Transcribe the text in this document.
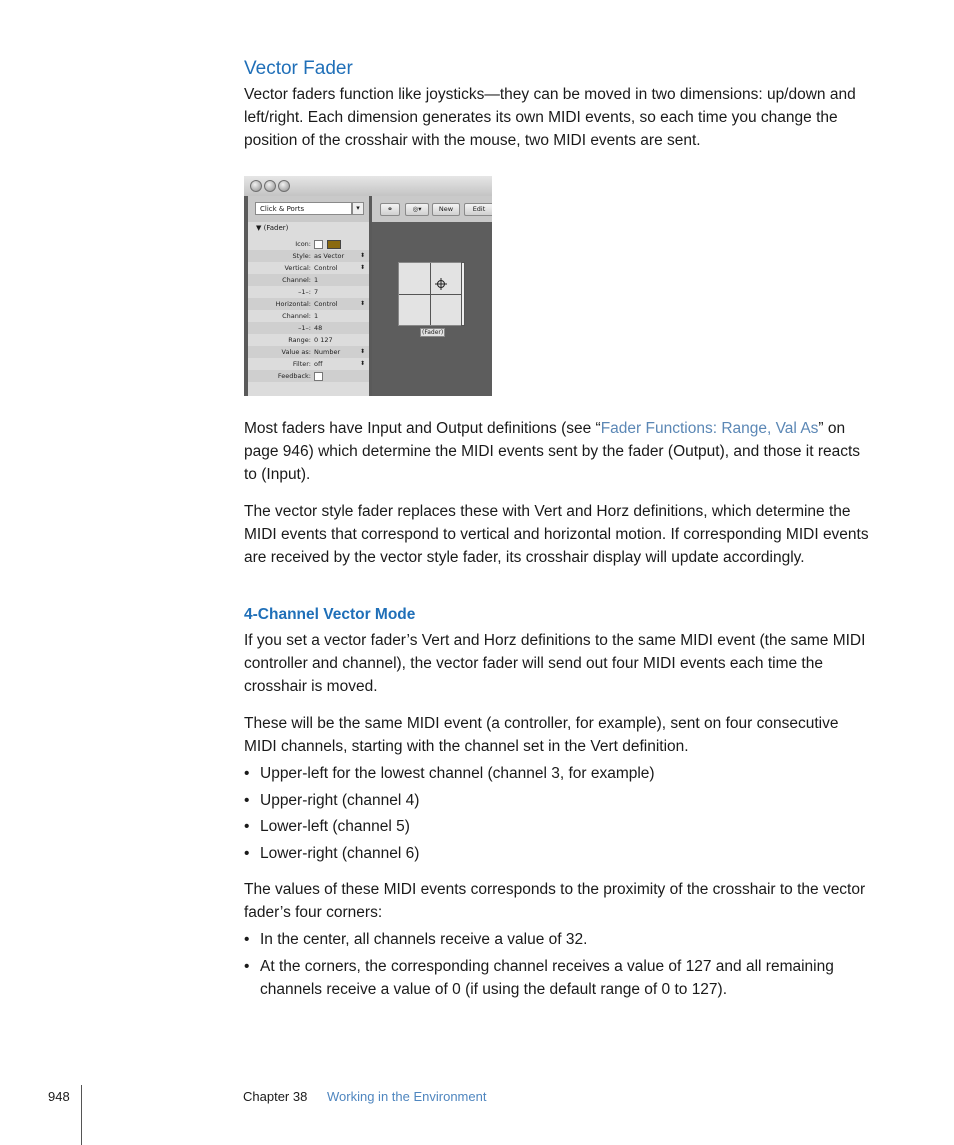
Vector Fader

Vector faders function like joysticks—they can be moved in two dimensions: up/down and left/right. Each dimension generates its own MIDI events, so each time you change the position of the crosshair with the mouse, two MIDI events are sent.

Click & Ports	▾
▼ (Fader)
Icon:
Style: as Vector	⬍
Vertical: Control	⬍
Channel: 1
–1–: 7
Horizontal: Control	⬍
Channel: 1
–1–: 48
Range: 0 127
Value as: Number	⬍
Filter: off	⬍
Feedback:
⚭	◎▾	New	Edit
(Fader)

Most faders have Input and Output definitions (see “Fader Functions: Range, Val As” on page 946) which determine the MIDI events sent by the fader (Output), and those it reacts to (Input).

The vector style fader replaces these with Vert and Horz definitions, which determine the MIDI events that correspond to vertical and horizontal motion. If corresponding MIDI events are received by the vector style fader, its crosshair display will update accordingly.

4-Channel Vector Mode

If you set a vector fader’s Vert and Horz definitions to the same MIDI event (the same MIDI controller and channel), the vector fader will send out four MIDI events each time the crosshair is moved.

These will be the same MIDI event (a controller, for example), sent on four consecutive MIDI channels, starting with the channel set in the Vert definition.

• Upper-left for the lowest channel (channel 3, for example)
• Upper-right (channel 4)
• Lower-left (channel 5)
• Lower-right (channel 6)

The values of these MIDI events corresponds to the proximity of the crosshair to the vector fader’s four corners:

• In the center, all channels receive a value of 32.
• At the corners, the corresponding channel receives a value of 127 and all remaining channels receive a value of 0 (if using the default range of 0 to 127).
948	Chapter 38 Working in the Environment
